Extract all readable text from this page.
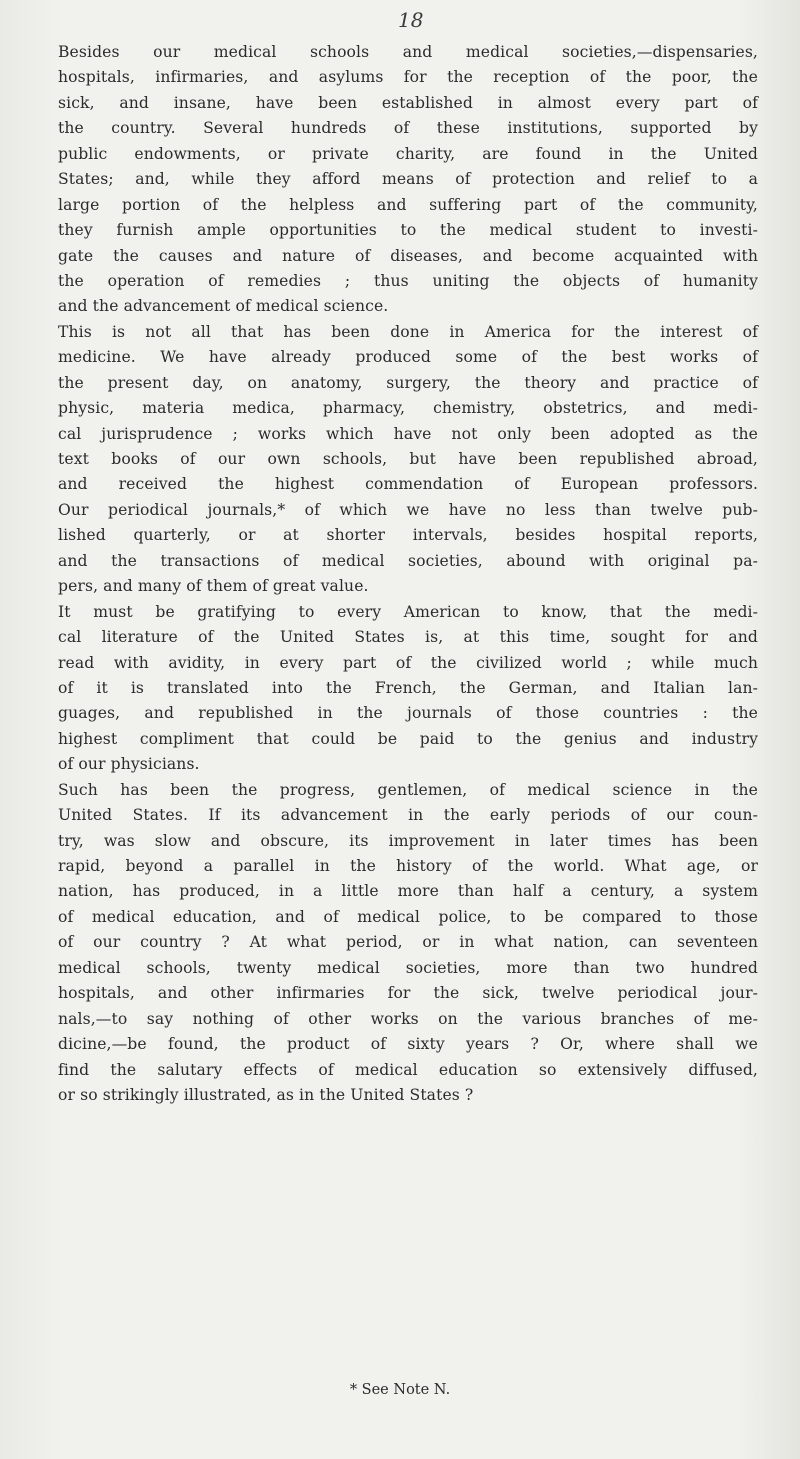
18
Besides our medical schools and medical societies,—dispensaries,
hospitals, infirmaries, and asylums for the reception of the poor, the
sick, and insane, have been established in almost every part of
the country. Several hundreds of these institutions, supported by
public endowments, or private charity, are found in the United
States; and, while they afford means of protection and relief to a
large portion of the helpless and suffering part of the community,
they furnish ample opportunities to the medical student to investi-
gate the causes and nature of diseases, and become acquainted with
the operation of remedies ; thus uniting the objects of humanity
and the advancement of medical science.
This is not all that has been done in America for the interest of
medicine. We have already produced some of the best works of
the present day, on anatomy, surgery, the theory and practice of
physic, materia medica, pharmacy, chemistry, obstetrics, and medi-
cal jurisprudence ; works which have not only been adopted as the
text books of our own schools, but have been republished abroad,
and received the highest commendation of European professors.
Our periodical journals,* of which we have no less than twelve pub-
lished quarterly, or at shorter intervals, besides hospital reports,
and the transactions of medical societies, abound with original pa-
pers, and many of them of great value.
It must be gratifying to every American to know, that the medi-
cal literature of the United States is, at this time, sought for and
read with avidity, in every part of the civilized world ; while much
of it is translated into the French, the German, and Italian lan-
guages, and republished in the journals of those countries : the
highest compliment that could be paid to the genius and industry
of our physicians.
Such has been the progress, gentlemen, of medical science in the
United States. If its advancement in the early periods of our coun-
try, was slow and obscure, its improvement in later times has been
rapid, beyond a parallel in the history of the world. What age, or
nation, has produced, in a little more than half a century, a system
of medical education, and of medical police, to be compared to those
of our country ? At what period, or in what nation, can seventeen
medical schools, twenty medical societies, more than two hundred
hospitals, and other infirmaries for the sick, twelve periodical jour-
nals,—to say nothing of other works on the various branches of me-
dicine,—be found, the product of sixty years ? Or, where shall we
find the salutary effects of medical education so extensively diffused,
or so strikingly illustrated, as in the United States ?
* See Note N.
